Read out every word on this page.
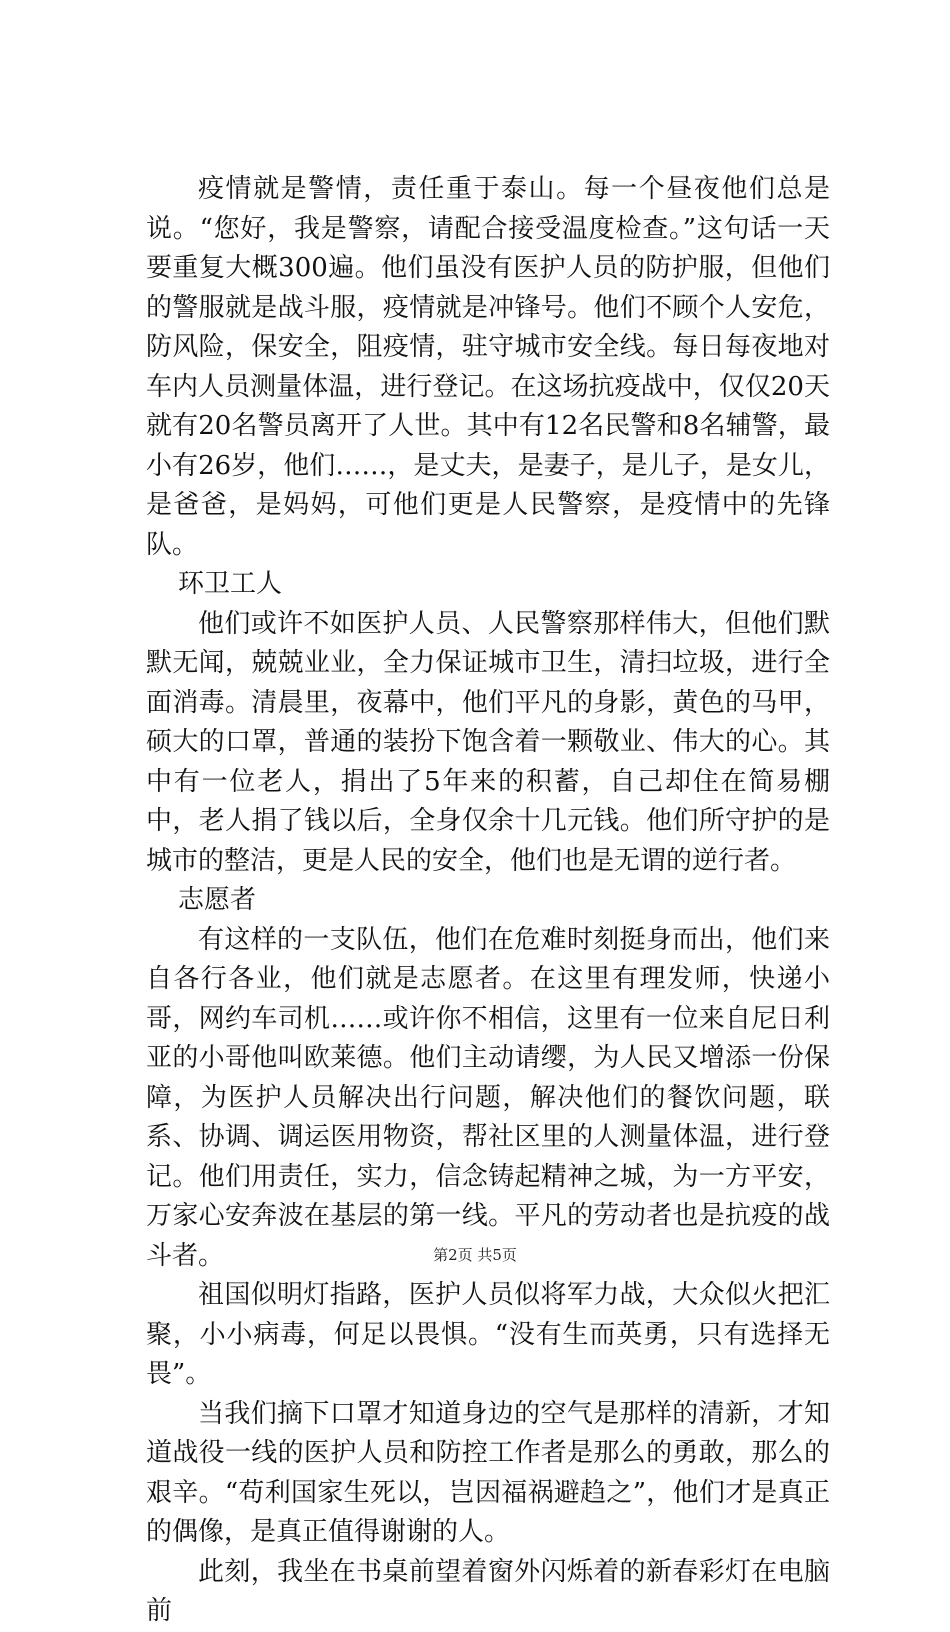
疫情就是警情，责任重于泰山。每一个昼夜他们总是说。“您好，我是警察，请配合接受温度检查。”这句话一天要重复大概300遍。他们虽没有医护人员的防护服，但他们的警服就是战斗服，疫情就是冲锋号。他们不顾个人安危，防风险，保安全，阻疫情，驻守城市安全线。每日每夜地对车内人员测量体温，进行登记。在这场抗疫战中，仅仅20天就有20名警员离开了人世。其中有12名民警和8名辅警，最小有26岁，他们……，是丈夫，是妻子，是儿子，是女儿，是爸爸，是妈妈，可他们更是人民警察，是疫情中的先锋队。

环卫工人

他们或许不如医护人员、人民警察那样伟大，但他们默默无闻，兢兢业业，全力保证城市卫生，清扫垃圾，进行全面消毒。清晨里，夜幕中，他们平凡的身影，黄色的马甲，硕大的口罩，普通的装扮下饱含着一颗敬业、伟大的心。其中有一位老人，捐出了5年来的积蓄，自己却住在简易棚中，老人捐了钱以后，全身仅余十几元钱。他们所守护的是城市的整洁，更是人民的安全，他们也是无谓的逆行者。

志愿者

有这样的一支队伍，他们在危难时刻挺身而出，他们来自各行各业，他们就是志愿者。在这里有理发师，快递小哥，网约车司机……或许你不相信，这里有一位来自尼日利亚的小哥他叫欧莱德。他们主动请缨，为人民又增添一份保障，为医护人员解决出行问题，解决他们的餐饮问题，联系、协调、调运医用物资，帮社区里的人测量体温，进行登记。他们用责任，实力，信念铸起精神之城，为一方平安，万家心安奔波在基层的第一线。平凡的劳动者也是抗疫的战斗者。

祖国似明灯指路，医护人员似将军力战，大众似火把汇聚，小小病毒，何足以畏惧。“没有生而英勇，只有选择无畏”。

当我们摘下口罩才知道身边的空气是那样的清新，才知道战役一线的医护人员和防控工作者是那么的勇敢，那么的艰辛。“苟利国家生死以，岂因福祸避趋之”，他们才是真正的偶像，是真正值得谢谢的人。

此刻，我坐在书桌前望着窗外闪烁着的新春彩灯在电脑前

第2页 共5页
